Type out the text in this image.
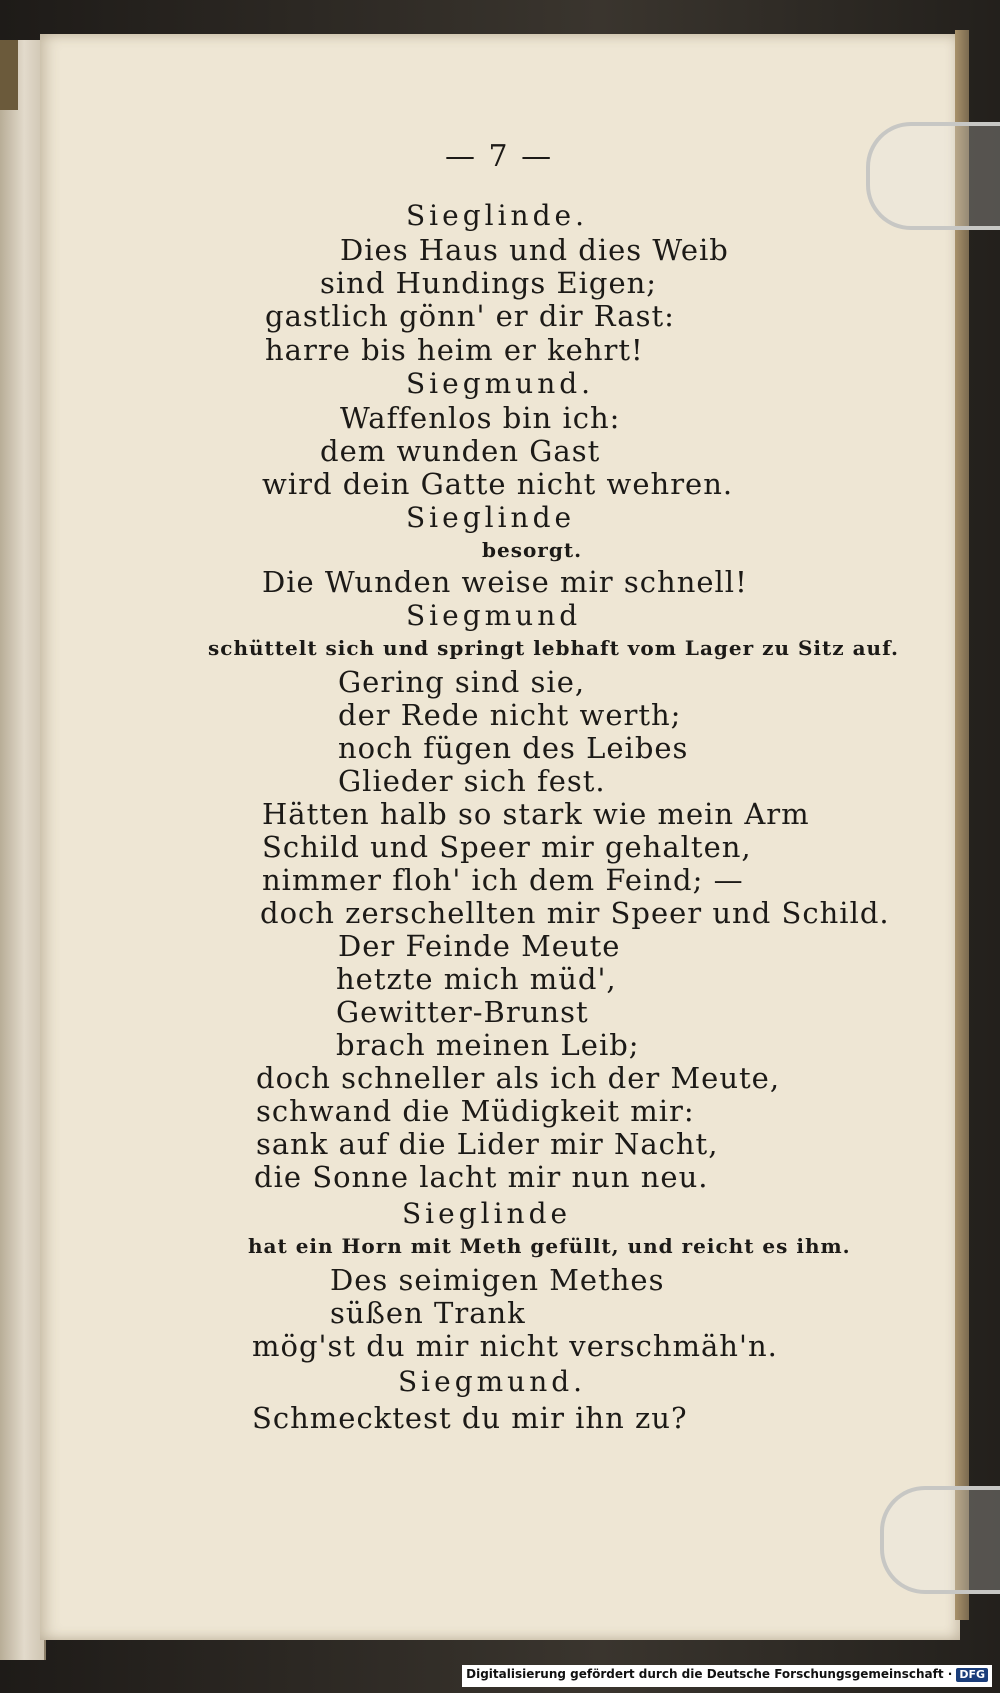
— 7 —
Sieglinde.
Dies Haus und dies Weib
sind Hundings Eigen;
gastlich gönn' er dir Rast:
harre bis heim er kehrt!
Siegmund.
Waffenlos bin ich:
dem wunden Gast
wird dein Gatte nicht wehren.
Sieglinde
besorgt.
Die Wunden weise mir schnell!
Siegmund
schüttelt sich und springt lebhaft vom Lager zu Sitz auf.
Gering sind sie,
der Rede nicht werth;
noch fügen des Leibes
Glieder sich fest.
Hätten halb so stark wie mein Arm
Schild und Speer mir gehalten,
nimmer floh' ich dem Feind; —
doch zerschellten mir Speer und Schild.
Der Feinde Meute
hetzte mich müd',
Gewitter-Brunst
brach meinen Leib;
doch schneller als ich der Meute,
schwand die Müdigkeit mir:
sank auf die Lider mir Nacht,
die Sonne lacht mir nun neu.
Sieglinde
hat ein Horn mit Meth gefüllt, und reicht es ihm.
Des seimigen Methes
süßen Trank
mög'st du mir nicht verschmäh'n.
Siegmund.
Schmecktest du mir ihn zu?
Digitalisierung gefördert durch die Deutsche Forschungsgemeinschaft · DFG
